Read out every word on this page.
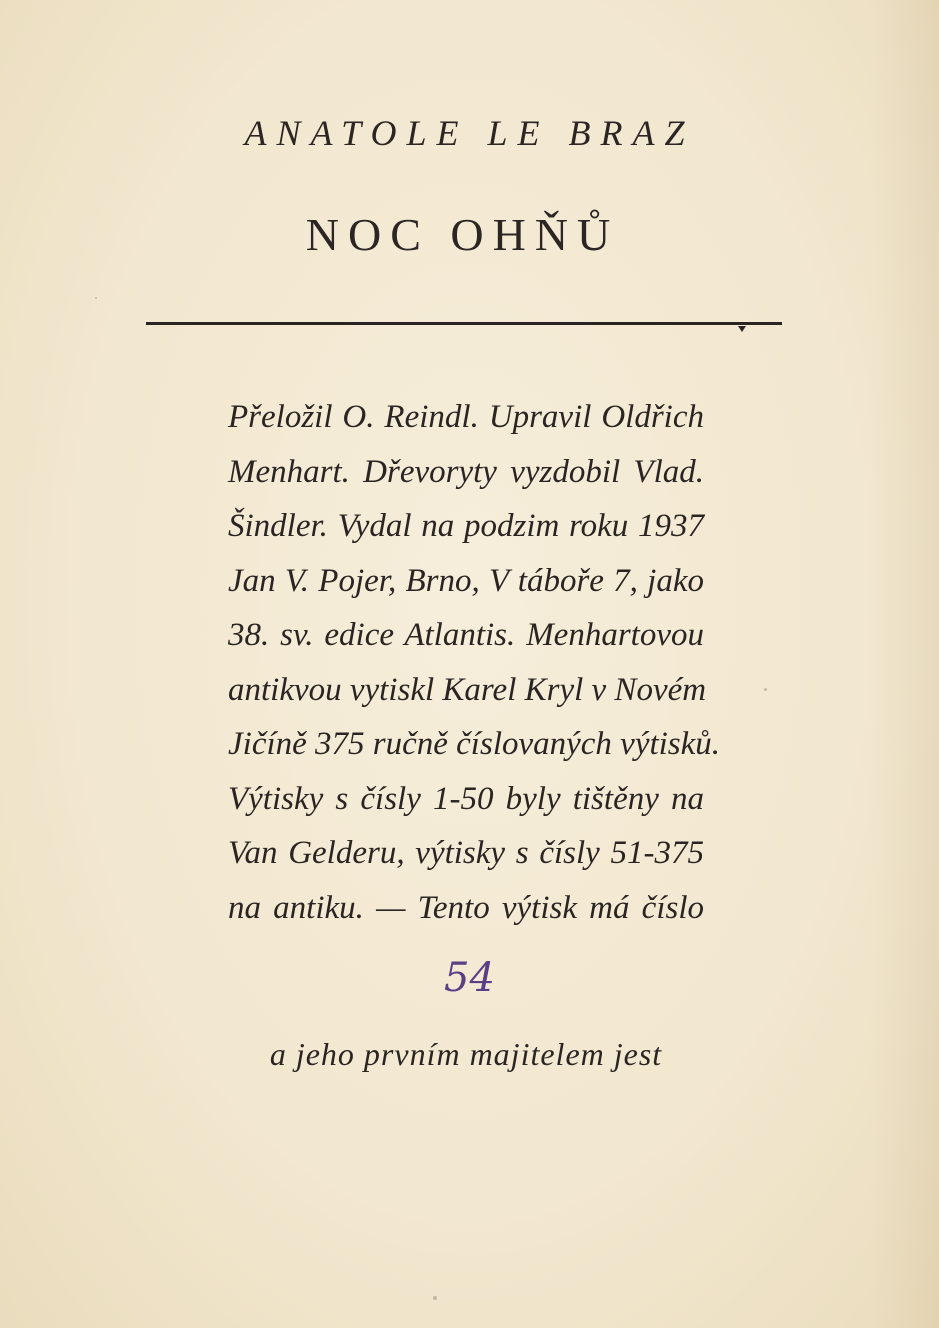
ANATOLE LE BRAZ
NOC OHŇŮ
Přeložil O. Reindl. Upravil Oldřich
Menhart. Dřevoryty vyzdobil Vlad.
Šindler. Vydal na podzim roku 1937
Jan V. Pojer, Brno, V táboře 7, jako
38. sv. edice Atlantis. Menhartovou
antikvou vytiskl Karel Kryl v Novém
Jičíně 375 ručně číslovaných výtisků.
Výtisky s čísly 1-50 byly tištěny na
Van Gelderu, výtisky s čísly 51-375
na antiku. — Tento výtisk má číslo
54
a jeho prvním majitelem jest
